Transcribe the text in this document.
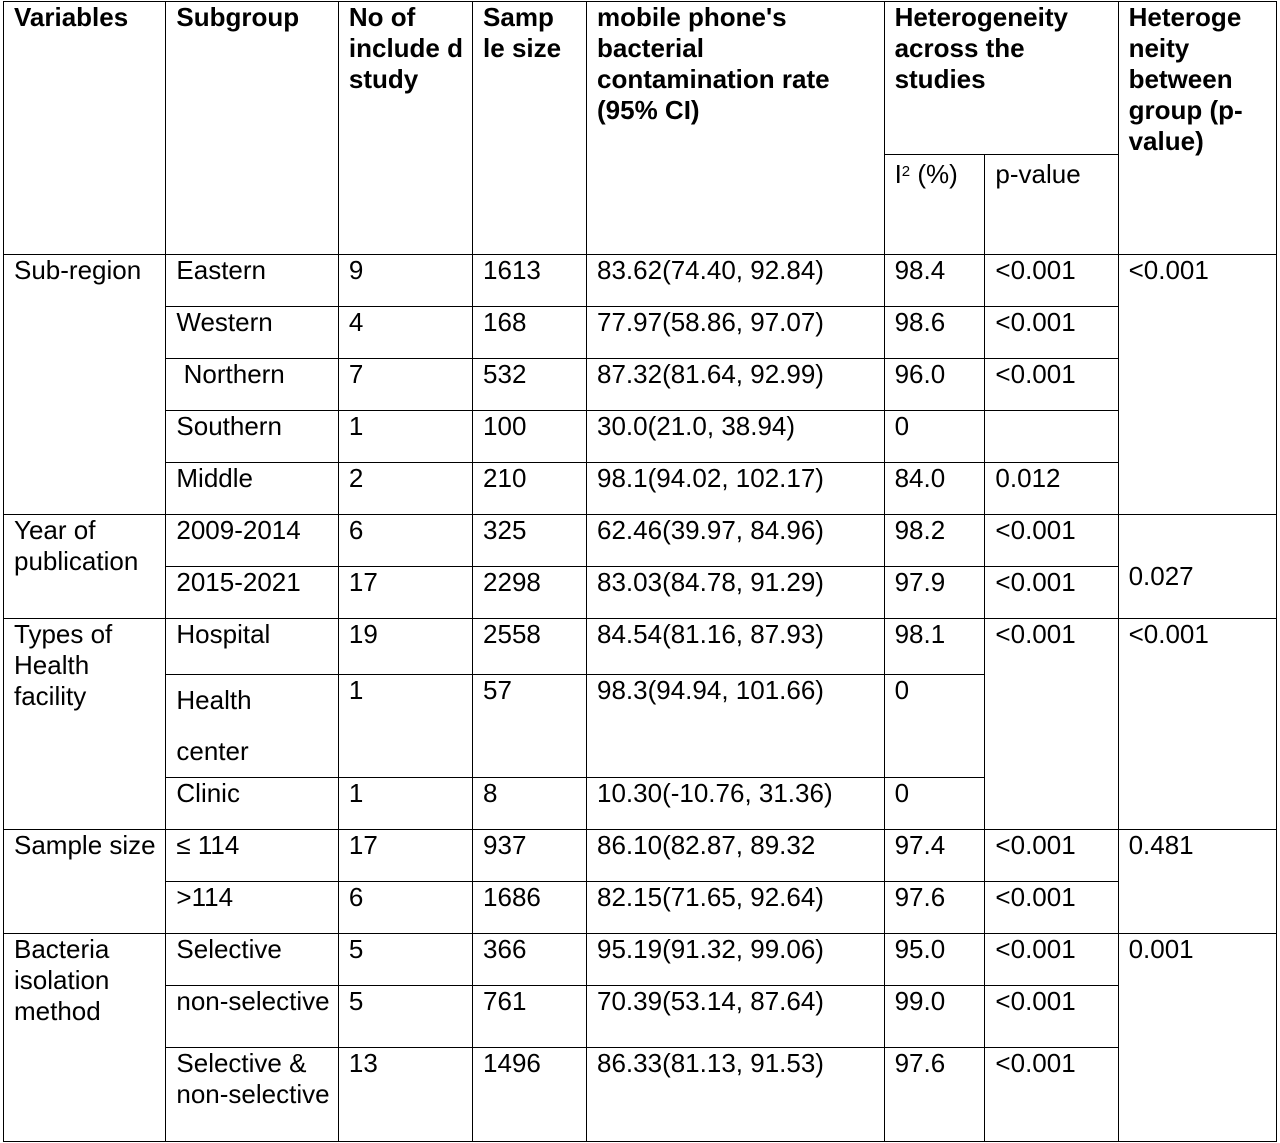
Variables	Subgroup	No of include d study	Samp le size	mobile phone's bacterial contamination rate (95% CI)	Heterogeneity across the studies		Heteroge neity between group (p-value)
					$I^2$ (%)	p-value	
Sub-region	Eastern	9	1613	83.62(74.40, 92.84)	98.4	<0.001	<0.001
	Western	4	168	77.97(58.86, 97.07)	98.6	<0.001	
	Northern	7	532	87.32(81.64, 92.99)	96.0	<0.001	
	Southern	1	100	30.0(21.0, 38.94)	0		
	Middle	2	210	98.1(94.02, 102.17)	84.0	0.012	
Year of publication	2009-2014	6	325	62.46(39.97, 84.96)	98.2	<0.001	0.027
	2015-2021	17	2298	83.03(84.78, 91.29)	97.9	<0.001	
Types of Health facility	Hospital	19	2558	84.54(81.16, 87.93)	98.1	<0.001	<0.001
	Health center	1	57	98.3(94.94, 101.66)	0		
	Clinic	1	8	10.30(-10.76, 31.36)	0		
Sample size	≤ 114	17	937	86.10(82.87, 89.32	97.4	<0.001	0.481
	>114	6	1686	82.15(71.65, 92.64)	97.6	<0.001	
Bacteria isolation method	Selective	5	366	95.19(91.32, 99.06)	95.0	<0.001	0.001
	non-selective	5	761	70.39(53.14, 87.64)	99.0	<0.001	
	Selective & non-selective	13	1496	86.33(81.13, 91.53)	97.6	<0.001	
